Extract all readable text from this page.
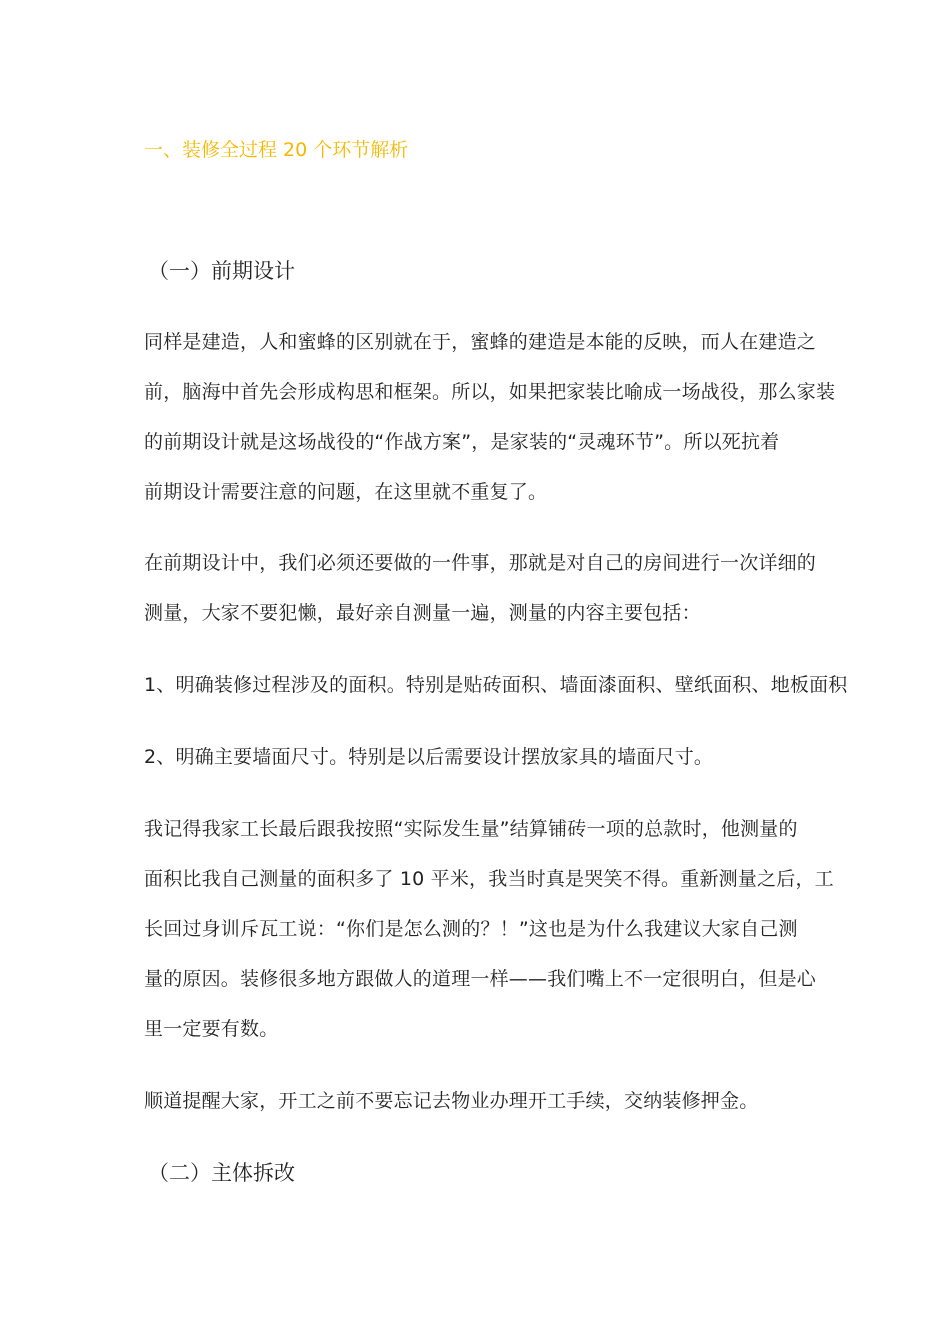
一、装修全过程 20 个环节解析
（一）前期设计
同样是建造，人和蜜蜂的区别就在于，蜜蜂的建造是本能的反映，而人在建造之
前，脑海中首先会形成构思和框架。所以，如果把家装比喻成一场战役，那么家装
的前期设计就是这场战役的“作战方案”，是家装的“灵魂环节”。所以死抗着
前期设计需要注意的问题，在这里就不重复了。
在前期设计中，我们必须还要做的一件事，那就是对自己的房间进行一次详细的
测量，大家不要犯懒，最好亲自测量一遍，测量的内容主要包括：
1、明确装修过程涉及的面积。特别是贴砖面积、墙面漆面积、壁纸面积、地板面积
2、明确主要墙面尺寸。特别是以后需要设计摆放家具的墙面尺寸。
我记得我家工长最后跟我按照“实际发生量”结算铺砖一项的总款时，他测量的
面积比我自己测量的面积多了 10 平米，我当时真是哭笑不得。重新测量之后，工
长回过身训斥瓦工说：“你们是怎么测的？！”这也是为什么我建议大家自己测
量的原因。装修很多地方跟做人的道理一样——我们嘴上不一定很明白，但是心
里一定要有数。
顺道提醒大家，开工之前不要忘记去物业办理开工手续，交纳装修押金。
（二）主体拆改
